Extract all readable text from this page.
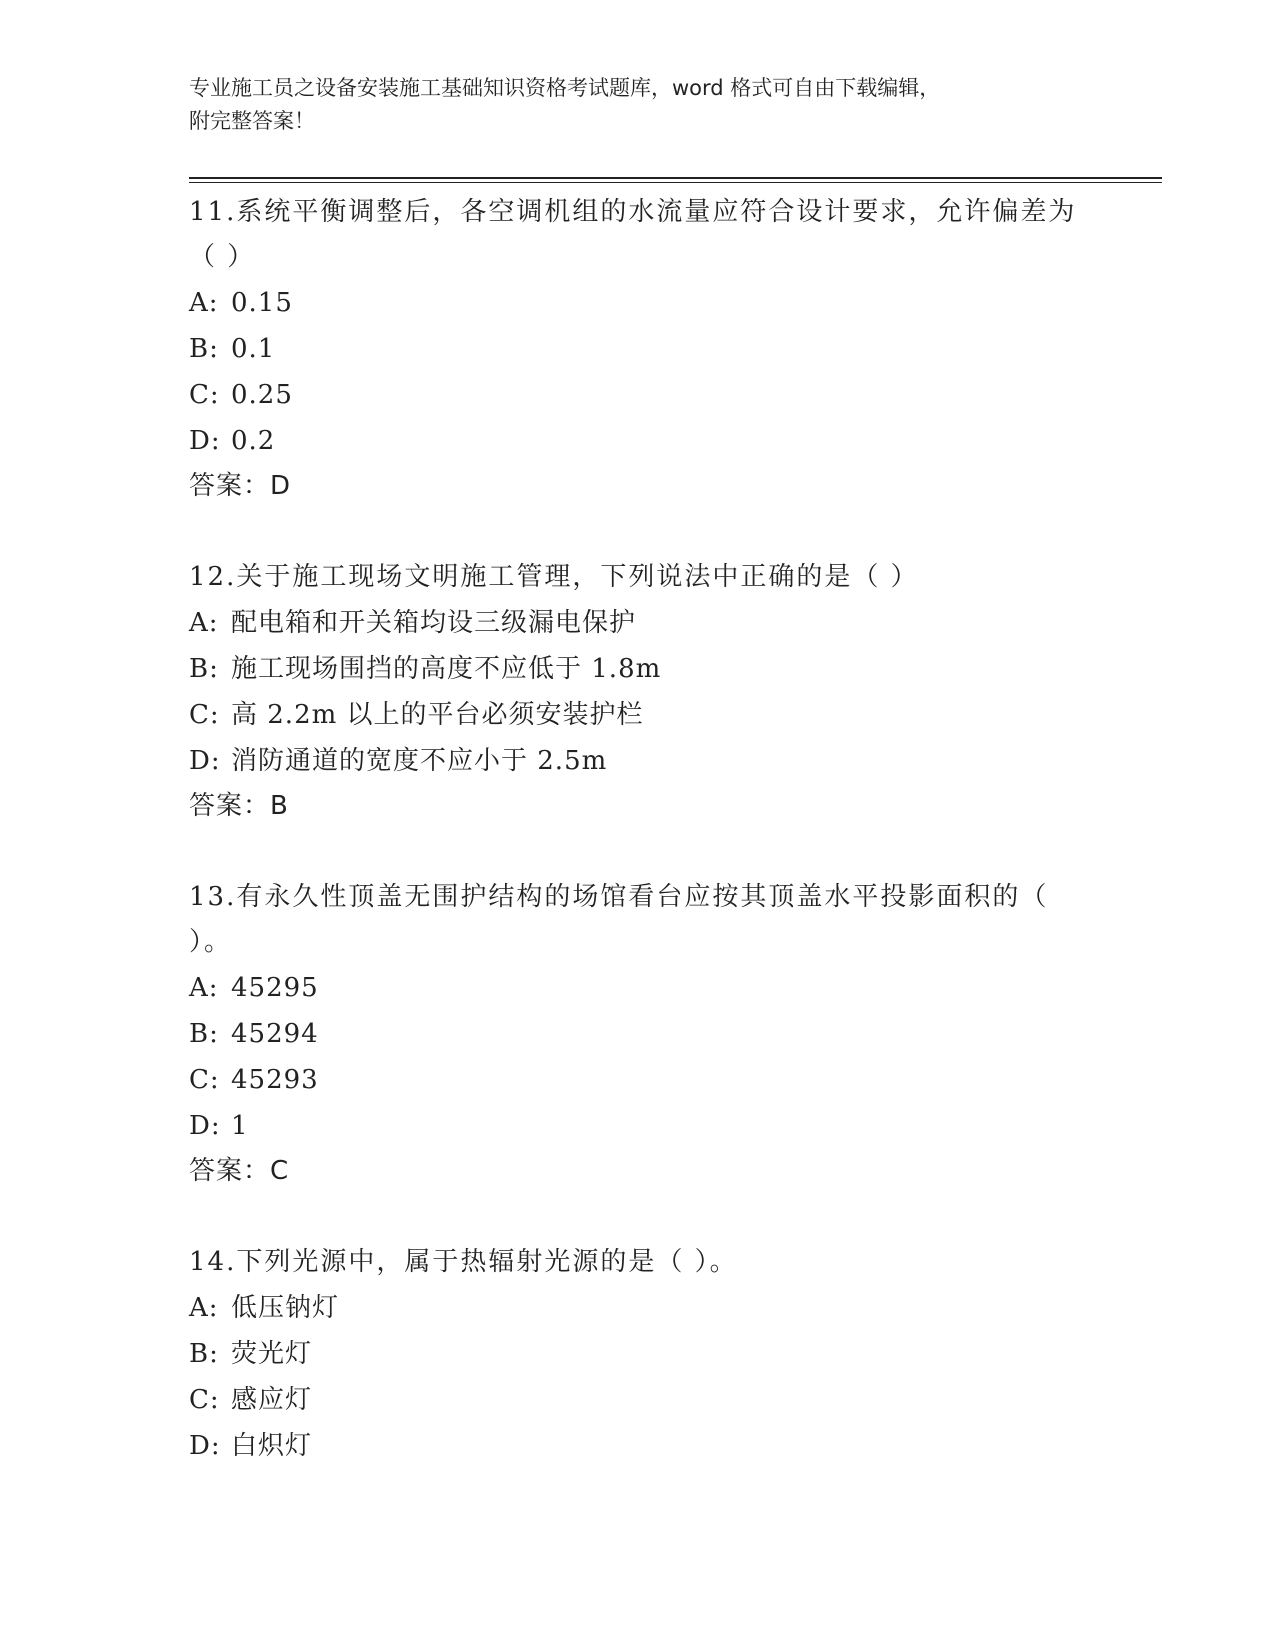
专业施工员之设备安装施工基础知识资格考试题库，word 格式可自由下载编辑，
附完整答案！
11.系统平衡调整后，各空调机组的水流量应符合设计要求，允许偏差为（ ）
A: 0.15
B: 0.1
C: 0.25
D: 0.2
答案：D
12.关于施工现场文明施工管理，下列说法中正确的是（ ）
A: 配电箱和开关箱均设三级漏电保护
B: 施工现场围挡的高度不应低于 1.8m
C: 高 2.2m 以上的平台必须安装护栏
D: 消防通道的宽度不应小于 2.5m
答案：B
13.有永久性顶盖无围护结构的场馆看台应按其顶盖水平投影面积的（ ）。
A: 45295
B: 45294
C: 45293
D: 1
答案：C
14.下列光源中，属于热辐射光源的是（ ）。
A: 低压钠灯
B: 荧光灯
C: 感应灯
D: 白炽灯
